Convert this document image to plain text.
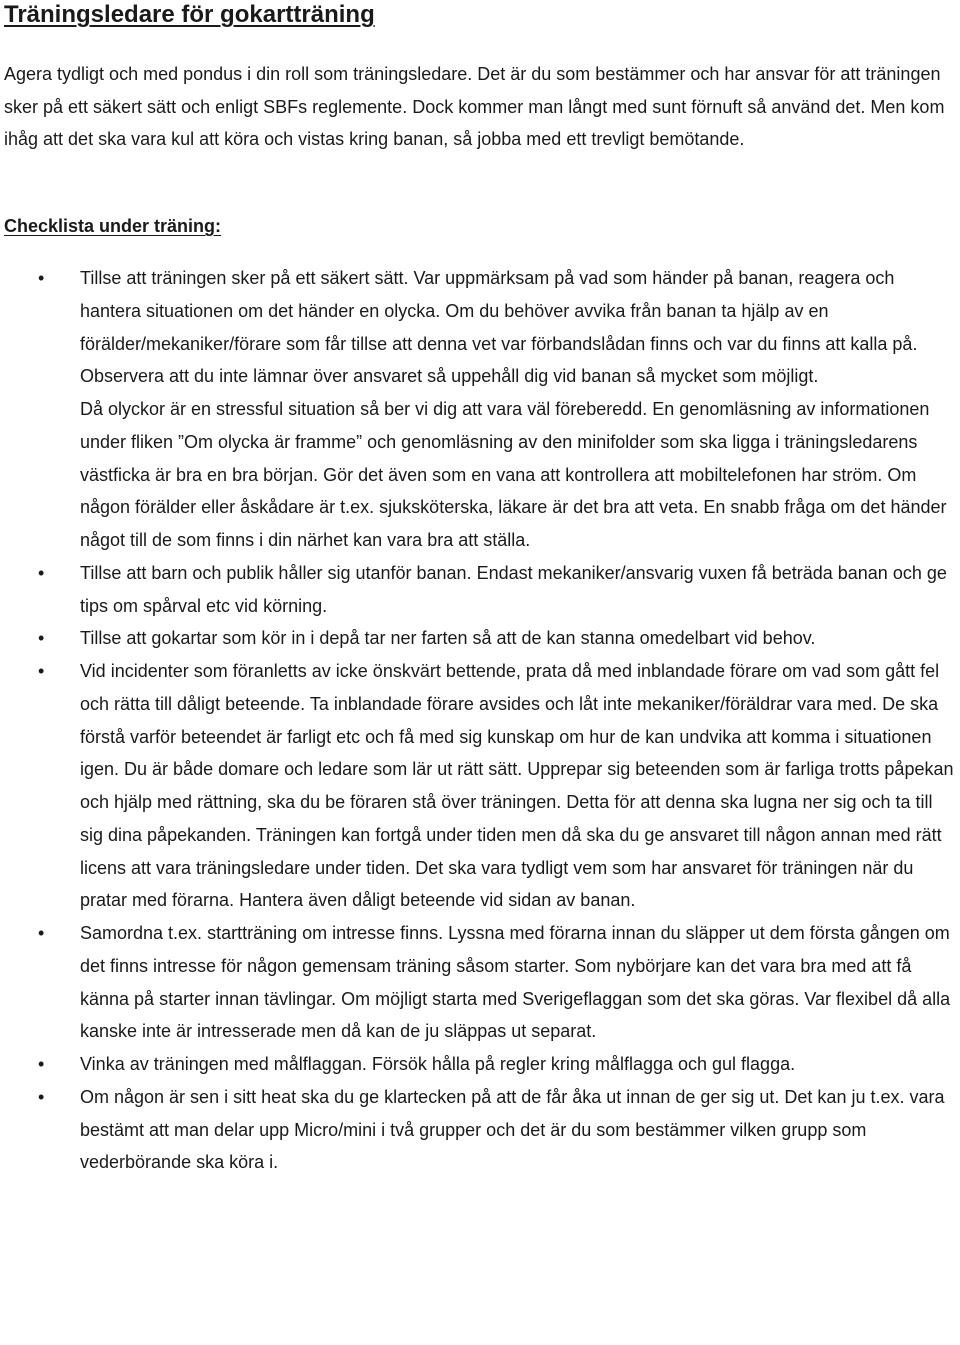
Träningsledare för gokartträning

Agera tydligt och med pondus i din roll som träningsledare. Det är du som bestämmer och har ansvar för att träningen sker på ett säkert sätt och enligt SBFs reglemente. Dock kommer man långt med sunt förnuft så använd det. Men kom ihåg att det ska vara kul att köra och vistas kring banan, så jobba med ett trevligt bemötande.

Checklista under träning:
• Tillse att träningen sker på ett säkert sätt. Var uppmärksam på vad som händer på banan, reagera och hantera situationen om det händer en olycka. Om du behöver avvika från banan ta hjälp av en förälder/mekaniker/förare som får tillse att denna vet var förbandslådan finns och var du finns att kalla på. Observera att du inte lämnar över ansvaret så uppehåll dig vid banan så mycket som möjligt.
Då olyckor är en stressful situation så ber vi dig att vara väl föreberedd. En genomläsning av informationen under fliken ”Om olycka är framme” och genomläsning av den minifolder som ska ligga i träningsledarens västficka är bra en bra början. Gör det även som en vana att kontrollera att mobiltelefonen har ström. Om någon förälder eller åskådare är t.ex. sjuksköterska, läkare är det bra att veta. En snabb fråga om det händer något till de som finns i din närhet kan vara bra att ställa.
• Tillse att barn och publik håller sig utanför banan. Endast mekaniker/ansvarig vuxen få beträda banan och ge tips om spårval etc vid körning.
• Tillse att gokartar som kör in i depå tar ner farten så att de kan stanna omedelbart vid behov.
• Vid incidenter som föranletts av icke önskvärt bettende, prata då med inblandade förare om vad som gått fel och rätta till dåligt beteende. Ta inblandade förare avsides och låt inte mekaniker/föräldrar vara med. De ska förstå varför beteendet är farligt etc och få med sig kunskap om hur de kan undvika att komma i situationen igen. Du är både domare och ledare som lär ut rätt sätt. Upprepar sig beteenden som är farliga trotts påpekan och hjälp med rättning, ska du be föraren stå över träningen. Detta för att denna ska lugna ner sig och ta till sig dina påpekanden. Träningen kan fortgå under tiden men då ska du ge ansvaret till någon annan med rätt licens att vara träningsledare under tiden. Det ska vara tydligt vem som har ansvaret för träningen när du pratar med förarna. Hantera även dåligt beteende vid sidan av banan.
• Samordna t.ex. startträning om intresse finns. Lyssna med förarna innan du släpper ut dem första gången om det finns intresse för någon gemensam träning såsom starter. Som nybörjare kan det vara bra med att få känna på starter innan tävlingar. Om möjligt starta med Sverigeflaggan som det ska göras. Var flexibel då alla kanske inte är intresserade men då kan de ju släppas ut separat.
• Vinka av träningen med målflaggan. Försök hålla på regler kring målflagga och gul flagga.
• Om någon är sen i sitt heat ska du ge klartecken på att de får åka ut innan de ger sig ut. Det kan ju t.ex. vara bestämt att man delar upp Micro/mini i två grupper och det är du som bestämmer vilken grupp som vederbörande ska köra i.
